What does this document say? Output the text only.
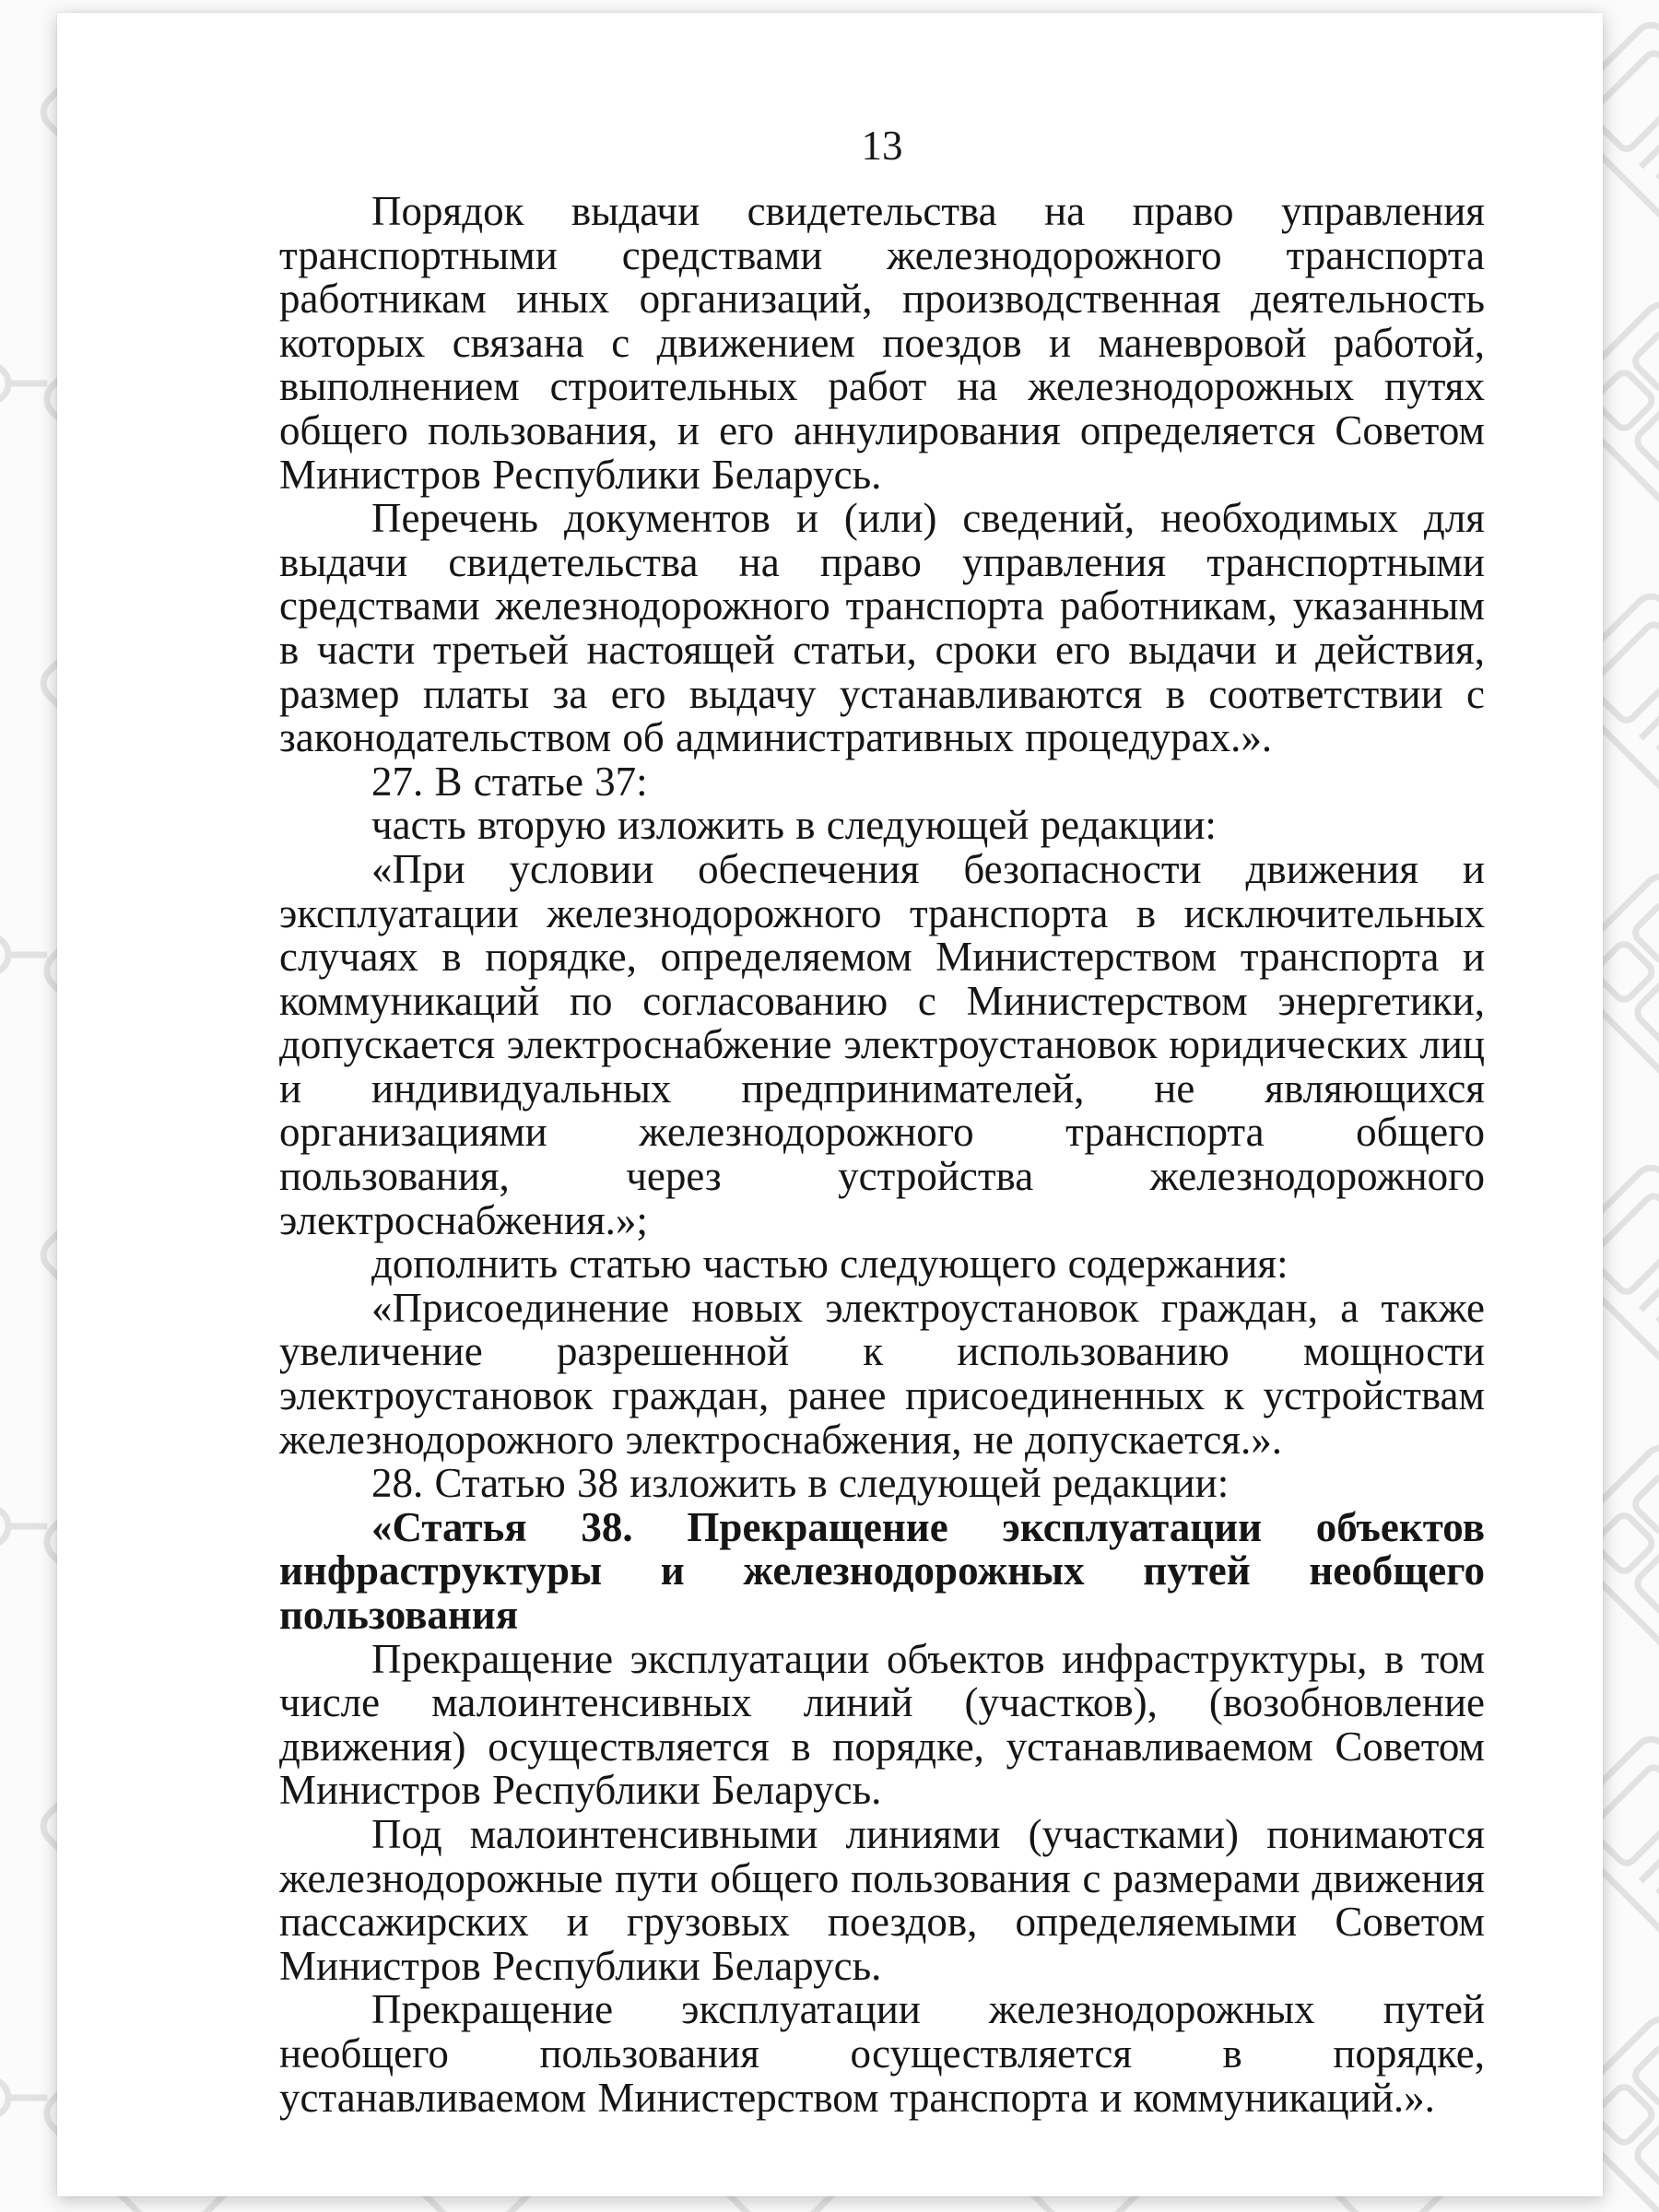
13

Порядок выдачи свидетельства на право управления транспортными средствами железнодорожного транспорта работникам иных организаций, производственная деятельность которых связана с движением поездов и маневровой работой, выполнением строительных работ на железнодорожных путях общего пользования, и его аннулирования определяется Советом Министров Республики Беларусь.

Перечень документов и (или) сведений, необходимых для выдачи свидетельства на право управления транспортными средствами железнодорожного транспорта работникам, указанным в части третьей настоящей статьи, сроки его выдачи и действия, размер платы за его выдачу устанавливаются в соответствии с законодательством об административных процедурах.».

27. В статье 37:

часть вторую изложить в следующей редакции:

«При условии обеспечения безопасности движения и эксплуатации железнодорожного транспорта в исключительных случаях в порядке, определяемом Министерством транспорта и коммуникаций по согласованию с Министерством энергетики, допускается электроснабжение электроустановок юридических лиц и индивидуальных предпринимателей, не являющихся организациями железнодорожного транспорта общего пользования, через устройства железнодорожного электроснабжения.»;

дополнить статью частью следующего содержания:

«Присоединение новых электроустановок граждан, а также увеличение разрешенной к использованию мощности электроустановок граждан, ранее присоединенных к устройствам железнодорожного электроснабжения, не допускается.».

28. Статью 38 изложить в следующей редакции:

«Статья 38. Прекращение эксплуатации объектов инфраструктуры и железнодорожных путей необщего пользования

Прекращение эксплуатации объектов инфраструктуры, в том числе малоинтенсивных линий (участков), (возобновление движения) осуществляется в порядке, устанавливаемом Советом Министров Республики Беларусь.

Под малоинтенсивными линиями (участками) понимаются железнодорожные пути общего пользования с размерами движения пассажирских и грузовых поездов, определяемыми Советом Министров Республики Беларусь.

Прекращение эксплуатации железнодорожных путей необщего пользования осуществляется в порядке, устанавливаемом Министерством транспорта и коммуникаций.».
